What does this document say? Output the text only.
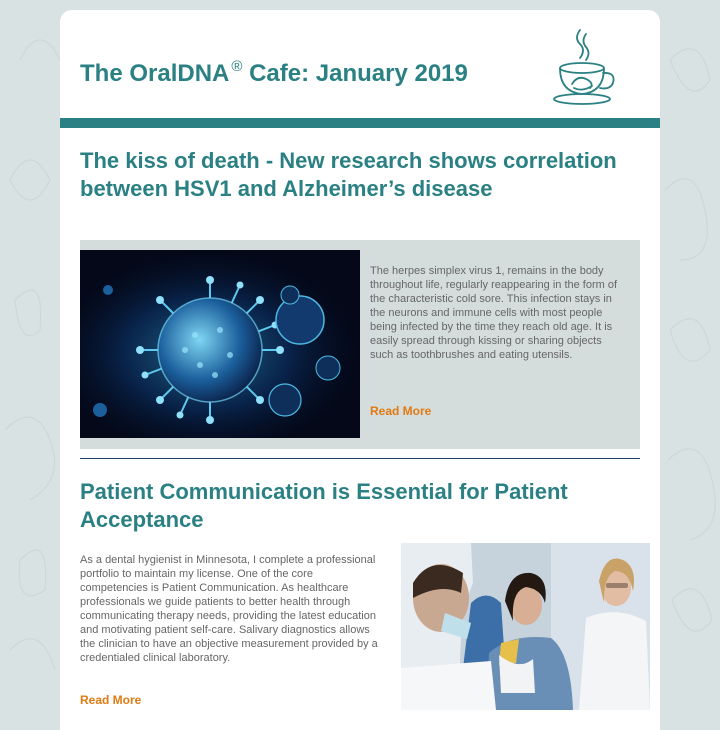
The OralDNA ® Cafe: January 2019
The kiss of death - New research shows correlation between HSV1 and Alzheimer’s disease
The herpes simplex virus 1, remains in the body throughout life, regularly reappearing in the form of the characteristic cold sore. This infection stays in the neurons and immune cells with most people being infected by the time they reach old age. It is easily spread through kissing or sharing objects such as toothbrushes and eating utensils.
Read More
Patient Communication is Essential for Patient Acceptance
As a dental hygienist in Minnesota, I complete a professional portfolio to maintain my license. One of the core competencies is Patient Communication. As healthcare professionals we guide patients to better health through communicating therapy needs, providing the latest education and motivating patient self-care. Salivary diagnostics allows the clinician to have an objective measurement provided by a credentialed clinical laboratory.
Read More
